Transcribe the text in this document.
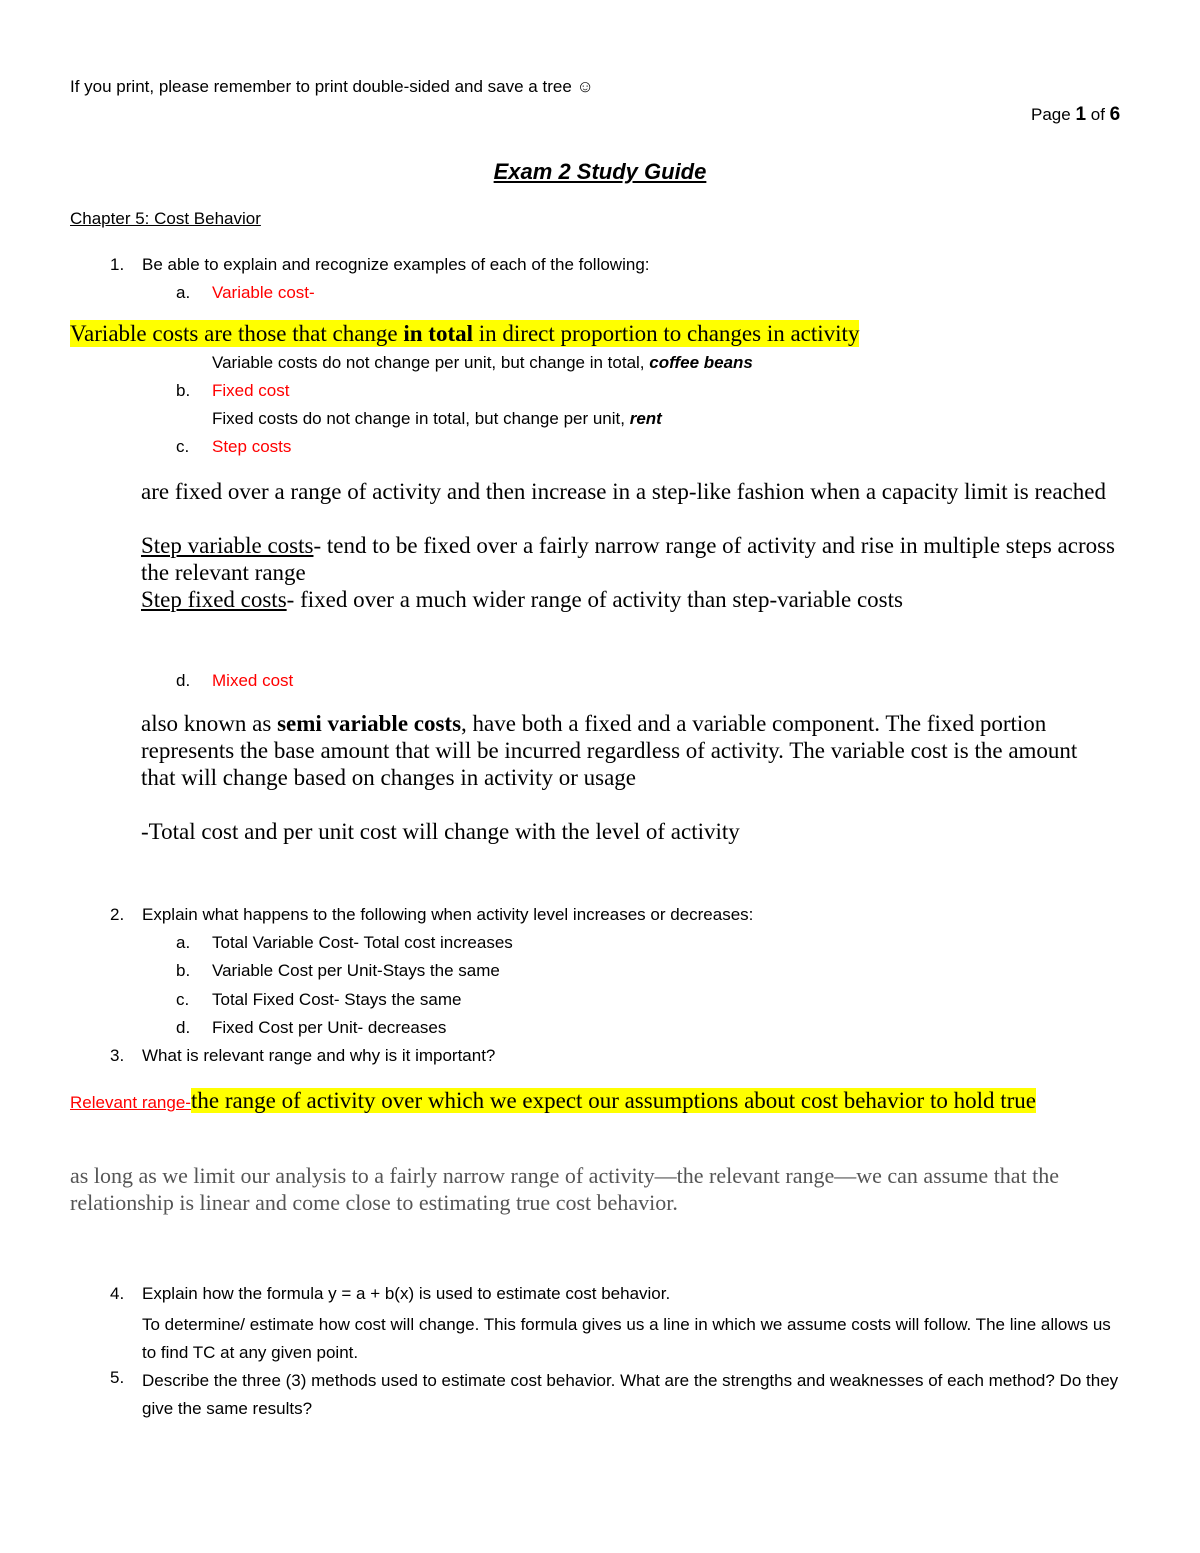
If you print, please remember to print double-sided and save a tree ☺
Page 1 of 6
Exam 2 Study Guide
Chapter 5: Cost Behavior
1. Be able to explain and recognize examples of each of the following:
a. Variable cost-
Variable costs are those that change in total in direct proportion to changes in activity
Variable costs do not change per unit, but change in total, coffee beans
b. Fixed cost
Fixed costs do not change in total, but change per unit, rent
c. Step costs
are fixed over a range of activity and then increase in a step-like fashion when a capacity limit is reached
Step variable costs- tend to be fixed over a fairly narrow range of activity and rise in multiple steps across the relevant range
Step fixed costs- fixed over a much wider range of activity than step-variable costs
d. Mixed cost
also known as semi variable costs, have both a fixed and a variable component. The fixed portion represents the base amount that will be incurred regardless of activity. The variable cost is the amount that will change based on changes in activity or usage
-Total cost and per unit cost will change with the level of activity
2. Explain what happens to the following when activity level increases or decreases:
a. Total Variable Cost- Total cost increases
b. Variable Cost per Unit-Stays the same
c. Total Fixed Cost- Stays the same
d. Fixed Cost per Unit- decreases
3. What is relevant range and why is it important?
Relevant range-the range of activity over which we expect our assumptions about cost behavior to hold true
as long as we limit our analysis to a fairly narrow range of activity—the relevant range—we can assume that the relationship is linear and come close to estimating true cost behavior.
4. Explain how the formula y = a + b(x) is used to estimate cost behavior.
To determine/ estimate how cost will change. This formula gives us a line in which we assume costs will follow. The line allows us to find TC at any given point.
5. Describe the three (3) methods used to estimate cost behavior. What are the strengths and weaknesses of each method? Do they give the same results?
